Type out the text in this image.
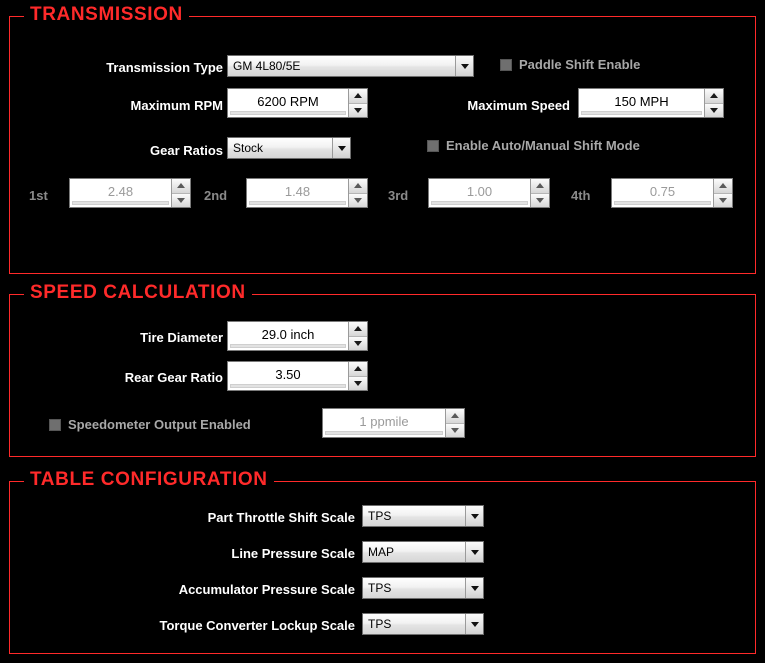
TRANSMISSION
Transmission Type GM 4L80/5E	Paddle Shift Enable
Maximum RPM	6200 RPM	Maximum Speed	150 MPH
Gear Ratios Stock	Enable Auto/Manual Shift Mode
1st	2.48	2nd	1.48	3rd	1.00	4th	0.75
SPEED CALCULATION
Tire Diameter	29.0 inch
Rear Gear Ratio	3.50
Speedometer Output Enabled	1 ppmile
TABLE CONFIGURATION
Part Throttle Shift Scale TPS
Line Pressure Scale MAP
Accumulator Pressure Scale TPS
Torque Converter Lockup Scale TPS
